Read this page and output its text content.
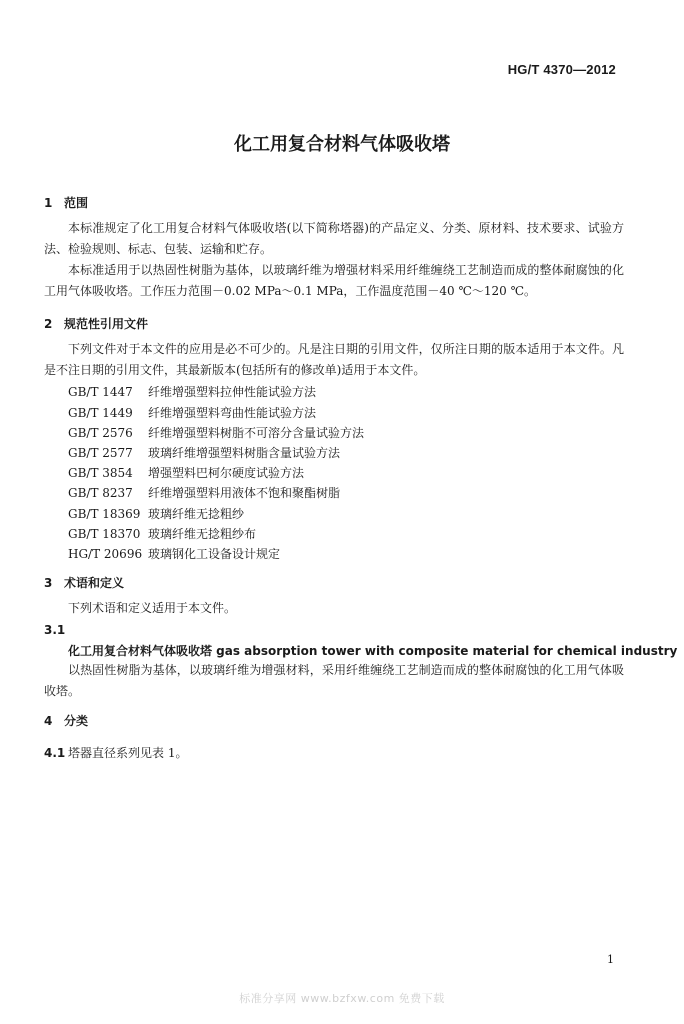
HG/T 4370—2012
化工用复合材料气体吸收塔
1 范围
本标准规定了化工用复合材料气体吸收塔(以下简称塔器)的产品定义、分类、原材料、技术要求、试验方法、检验规则、标志、包装、运输和贮存。
本标准适用于以热固性树脂为基体，以玻璃纤维为增强材料采用纤维缠绕工艺制造而成的整体耐腐蚀的化工用气体吸收塔。工作压力范围－0.02 MPa～0.1 MPa，工作温度范围－40 ℃～120 ℃。
2 规范性引用文件
下列文件对于本文件的应用是必不可少的。凡是注日期的引用文件，仅所注日期的版本适用于本文件。凡是不注日期的引用文件，其最新版本(包括所有的修改单)适用于本文件。
GB/T 1447 纤维增强塑料拉伸性能试验方法
GB/T 1449 纤维增强塑料弯曲性能试验方法
GB/T 2576 纤维增强塑料树脂不可溶分含量试验方法
GB/T 2577 玻璃纤维增强塑料树脂含量试验方法
GB/T 3854 增强塑料巴柯尔硬度试验方法
GB/T 8237 纤维增强塑料用液体不饱和聚酯树脂
GB/T 18369 玻璃纤维无捻粗纱
GB/T 18370 玻璃纤维无捻粗纱布
HG/T 20696 玻璃钢化工设备设计规定
3 术语和定义
下列术语和定义适用于本文件。
3.1
化工用复合材料气体吸收塔 gas absorption tower with composite material for chemical industry
以热固性树脂为基体，以玻璃纤维为增强材料，采用纤维缠绕工艺制造而成的整体耐腐蚀的化工用气体吸收塔。
4 分类
4.1 塔器直径系列见表 1。
1
标准分享网 www.bzfxw.com 免费下载
